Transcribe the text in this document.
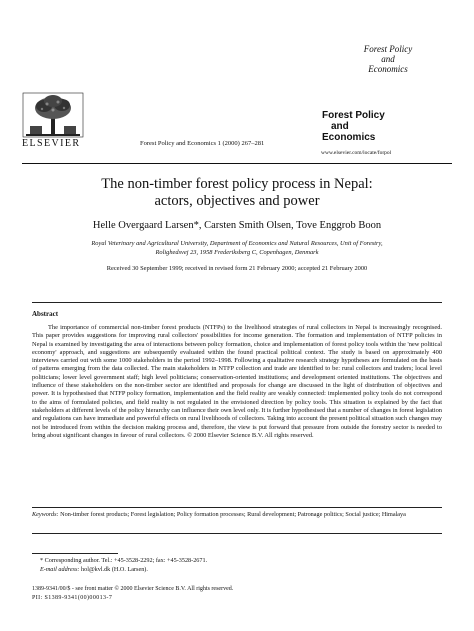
ELSEVIER	Forest Policy and Economics 1 (2000) 267–281
Forest Policy
and
Economics
Forest Policy
and
Economics
www.elsevier.com/locate/forpol
The non-timber forest policy process in Nepal:
actors, objectives and power
Helle Overgaard Larsen*, Carsten Smith Olsen, Tove Enggrob Boon
Royal Veterinary and Agricultural University, Department of Economics and Natural Resources, Unit of Forestry,
Rolighedsvej 23, 1958 Frederiksberg C, Copenhagen, Denmark
Received 30 September 1999; received in revised form 21 February 2000; accepted 21 February 2000
Abstract
The importance of commercial non-timber forest products (NTFPs) to the livelihood strategies of rural collectors in Nepal is increasingly recognised. This paper provides suggestions for improving rural collectors' possibilities for income generation. The formation and implementation of NTFP policies in Nepal is examined by investigating the area of interactions between policy formation, choice and implementation of forest policy tools within the 'new political economy' approach, and suggestions are subsequently evaluated within the found practical political context. The study is based on approximately 400 interviews carried out with some 1000 stakeholders in the period 1992–1998. Following a qualitative research strategy hypotheses are formulated on the basis of patterns emerging from the data collected. The main stakeholders in NTFP collection and trade are identified to be: rural collectors and traders; local level politicians; lower level government staff; high level politicians; conservation-oriented institutions; and development oriented institutions. The objectives and influence of these stakeholders on the non-timber sector are identified and proposals for change are discussed in the light of distribution of objectives and power. It is hypothesised that NTFP policy formation, implementation and the field reality are weakly connected: implemented policy tools do not correspond to the aims of formulated policies, and field reality is not regulated in the envisioned direction by policy tools. This situation is explained by the fact that stakeholders at different levels of the policy hierarchy can influence their own level only. It is further hypothesised that a number of changes in forest legislation and regulations can have immediate and powerful effects on rural livelihoods of collectors. Taking into account the present political situation such changes may not be introduced from within the decision making process and, therefore, the view is put forward that pressure from outside the forestry sector is needed to bring about significant changes in favour of rural collectors. © 2000 Elsevier Science B.V. All rights reserved.
Keywords: Non-timber forest products; Forest legislation; Policy formation processes; Rural development; Patronage politics; Social justice; Himalaya
* Corresponding author. Tel.: +45-3528-2292; fax: +45-3528-2671.
E-mail address: hol@kvl.dk (H.O. Larsen).
1389-9341/00/$ - see front matter © 2000 Elsevier Science B.V. All rights reserved.
PII: S1389-9341(00)00013-7
